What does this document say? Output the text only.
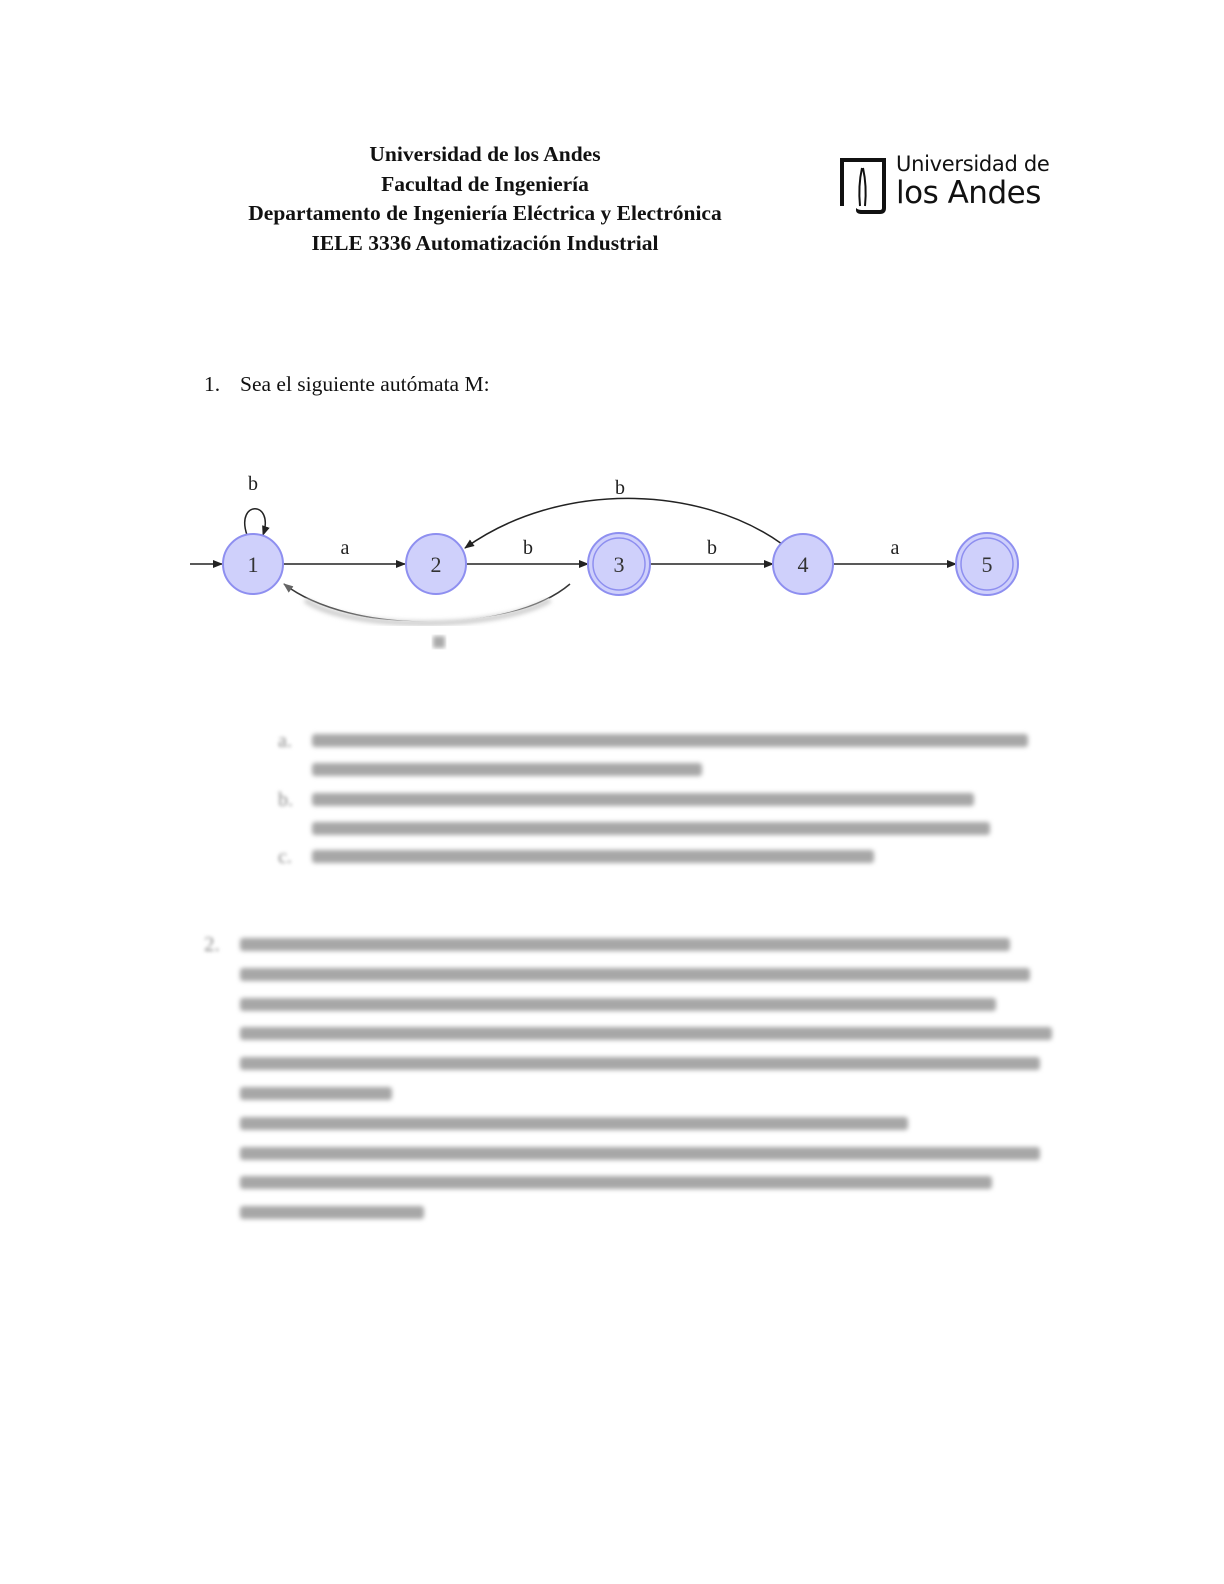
Universidad de los Andes
Facultad de Ingeniería
Departamento de Ingeniería Eléctrica y Electrónica
IELE 3336 Automatización Industrial
Universidad de
los Andes
1. Sea el siguiente autómata M:
b
a	b	b	a
b
1	2	3	4	5
a.
b.
c.
2.
